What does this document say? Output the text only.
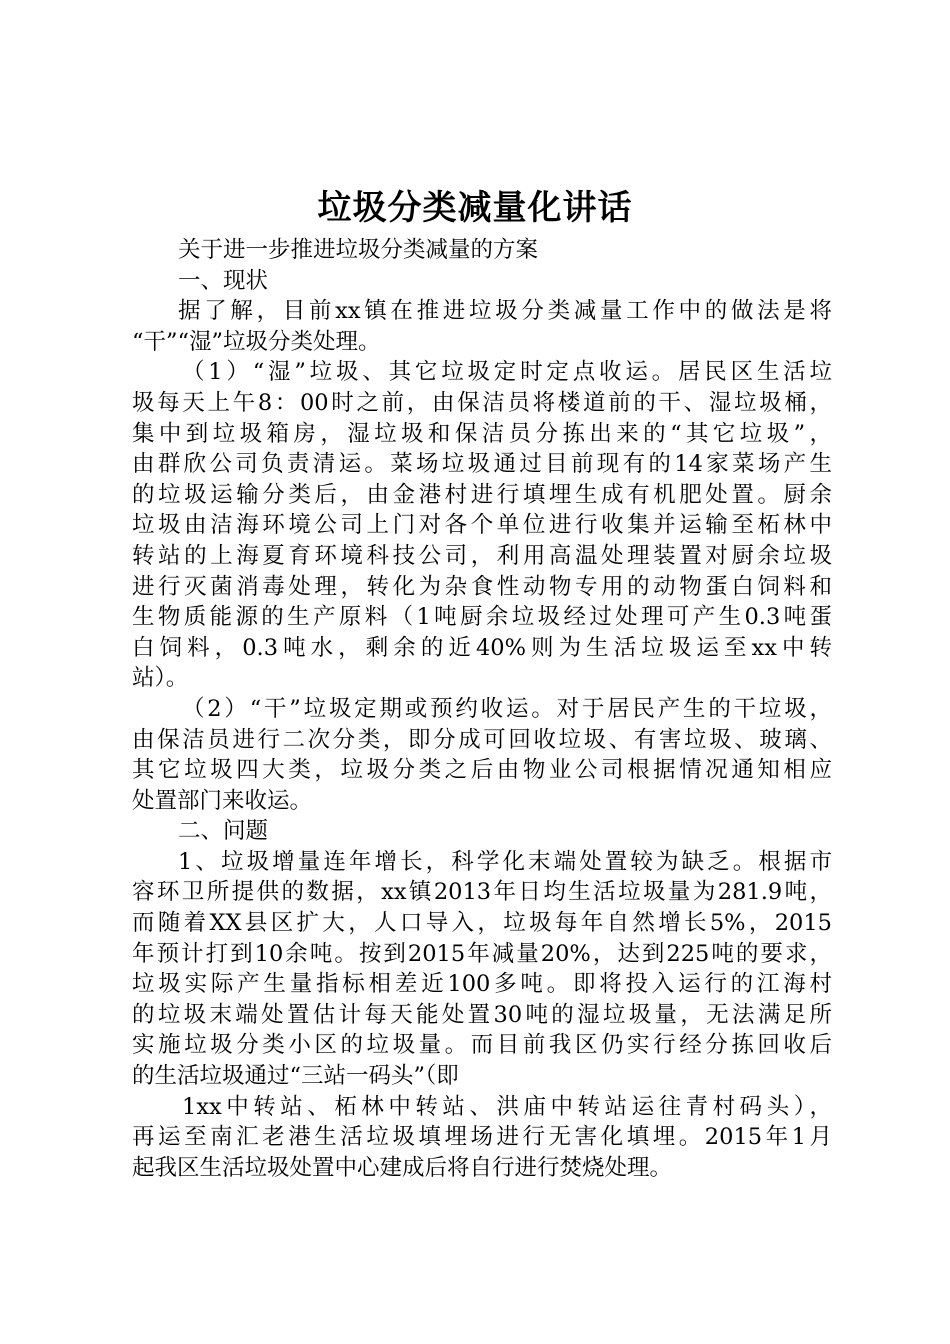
垃圾分类减量化讲话
关于进一步推进垃圾分类减量的方案
一、现状
据了解，目前xx镇在推进垃圾分类减量工作中的做法是将
“干”“湿”垃圾分类处理。
（1）“湿”垃圾、其它垃圾定时定点收运。居民区生活垃
圾每天上午8：00时之前，由保洁员将楼道前的干、湿垃圾桶，
集中到垃圾箱房，湿垃圾和保洁员分拣出来的“其它垃圾”，
由群欣公司负责清运。菜场垃圾通过目前现有的14家菜场产生
的垃圾运输分类后，由金港村进行填埋生成有机肥处置。厨余
垃圾由洁海环境公司上门对各个单位进行收集并运输至柘林中
转站的上海夏育环境科技公司，利用高温处理装置对厨余垃圾
进行灭菌消毒处理，转化为杂食性动物专用的动物蛋白饲料和
生物质能源的生产原料（1吨厨余垃圾经过处理可产生0.3吨蛋
白饲料，0.3吨水，剩余的近40%则为生活垃圾运至xx中转
站）。
（2）“干”垃圾定期或预约收运。对于居民产生的干垃圾，
由保洁员进行二次分类，即分成可回收垃圾、有害垃圾、玻璃、
其它垃圾四大类，垃圾分类之后由物业公司根据情况通知相应
处置部门来收运。
二、问题
1、垃圾增量连年增长，科学化末端处置较为缺乏。根据市
容环卫所提供的数据，xx镇2013年日均生活垃圾量为281.9吨，
而随着XX县区扩大，人口导入，垃圾每年自然增长5%，2015
年预计打到10余吨。按到2015年减量20%，达到225吨的要求，
垃圾实际产生量指标相差近100多吨。即将投入运行的江海村
的垃圾末端处置估计每天能处置30吨的湿垃圾量，无法满足所
实施垃圾分类小区的垃圾量。而目前我区仍实行经分拣回收后
的生活垃圾通过“三站一码头”（即
1xx中转站、柘林中转站、洪庙中转站运往青村码头），
再运至南汇老港生活垃圾填埋场进行无害化填埋。2015年1月
起我区生活垃圾处置中心建成后将自行进行焚烧处理。
